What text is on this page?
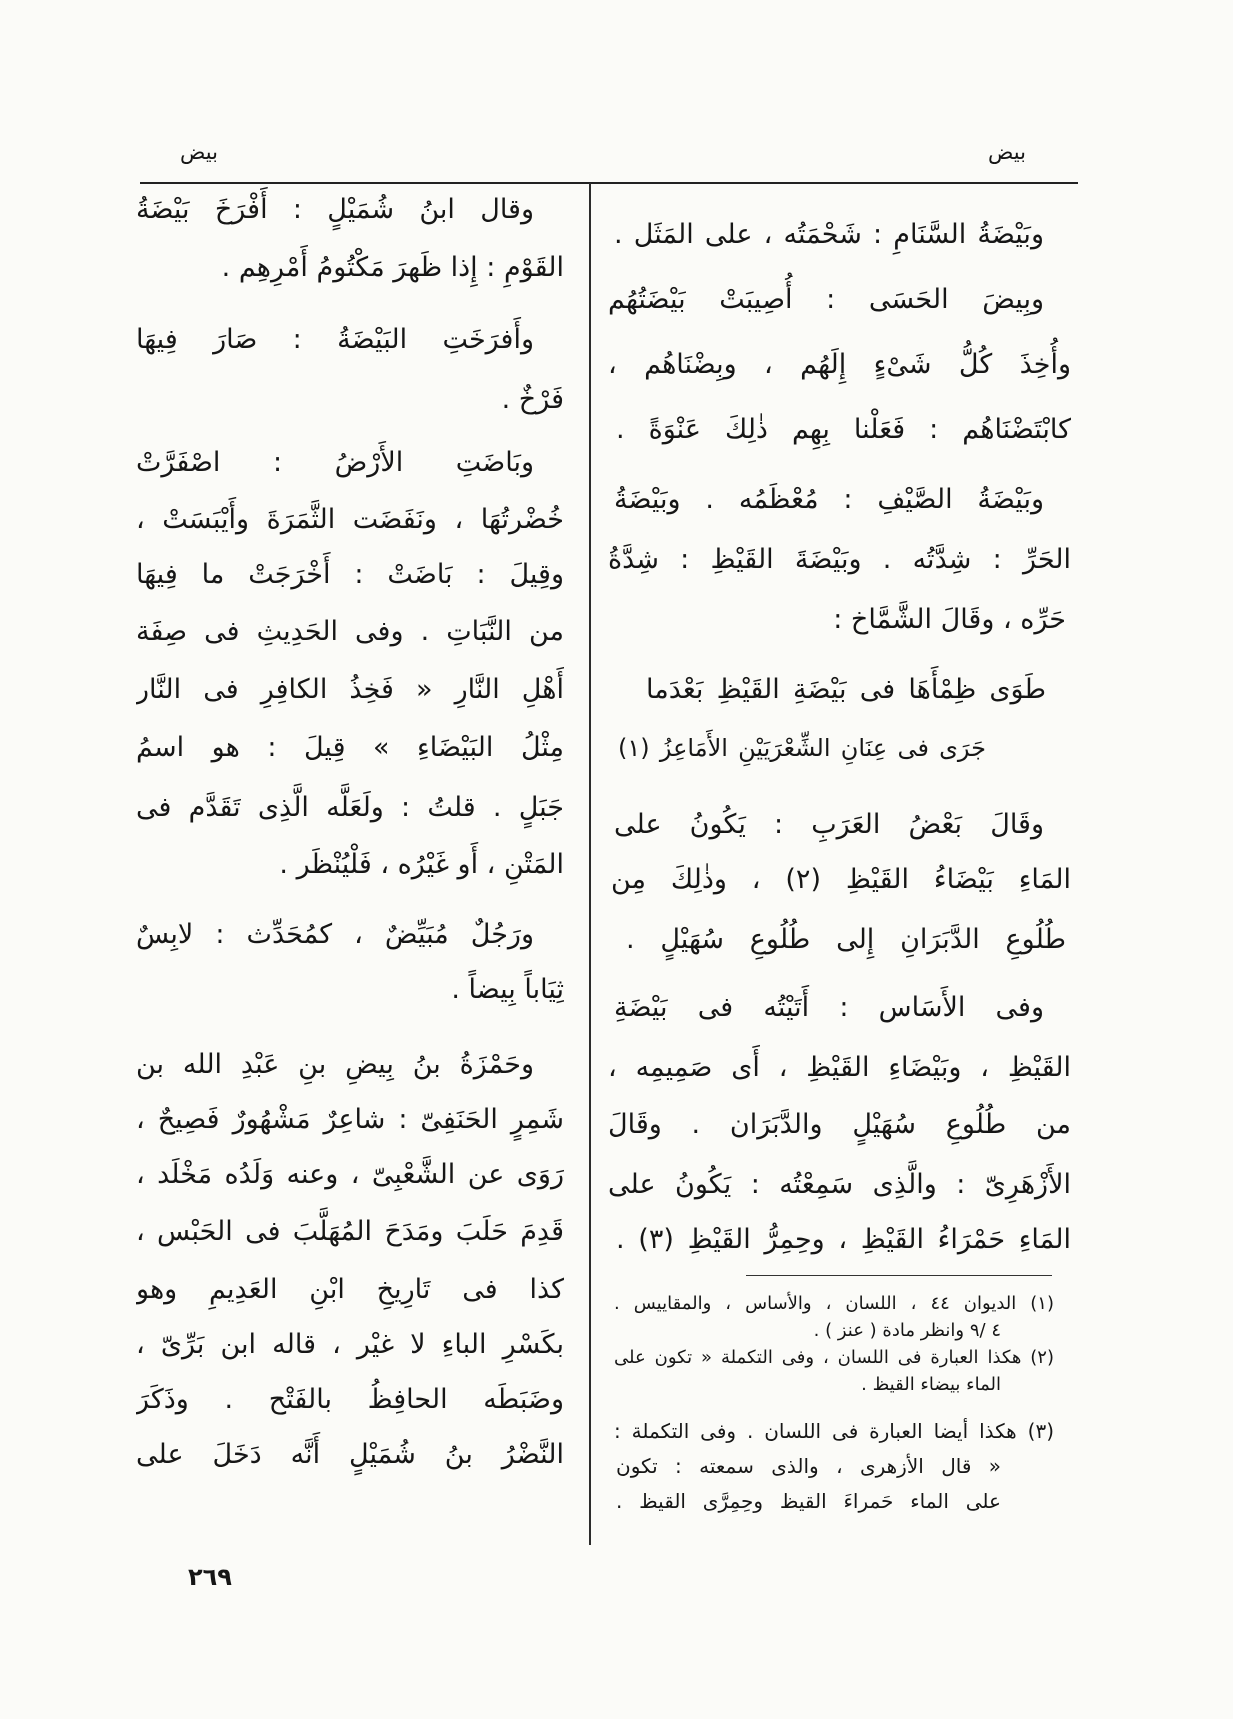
بيض	بيض
وبَيْضَةُ السَّنَامِ : شَحْمَتُه ، على المَثَل .
وبِيضَ الحَسَى : أُصِيبَتْ بَيْضَتُهُم
وأُخِذَ كُلُّ شَىْءٍ إِلَهُم ، وبِضْنَاهُم ،
كابْتَضْنَاهُم : فَعَلْنا بِهِم ذٰلِكَ عَنْوَةً .
وبَيْضَةُ الصَّيْفِ : مُعْظَمُه . وبَيْضَةُ
الحَرِّ : شِدَّتُه . وبَيْضَةَ القَيْظِ : شِدَّةُ
حَرِّه ، وقَالَ الشَّمَّاخ :
طَوَى ظِمْأَهَا فى بَيْضَةِ القَيْظِ بَعْدَما
جَرَى فى عِنَانِ الشِّعْرَيَيْنِ الأَمَاعِزُ (١)
وقَالَ بَعْضُ العَرَبِ : يَكُونُ على
المَاءِ بَيْضَاءُ القَيْظِ (٢) ، وذٰلِكَ مِن
طُلُوعِ الدَّبَرَانِ إِلى طُلُوعِ سُهَيْلٍ .
وفى الأَسَاس : أَتَيْتُه فى بَيْضَةِ
القَيْظِ ، وبَيْضَاءِ القَيْظِ ، أَى صَمِيمِه ،
من طُلُوعِ سُهَيْلٍ والدَّبَرَان . وقَالَ
الأَزْهَرِىّ : والَّذِى سَمِعْتُه : يَكُونُ على
المَاءِ حَمْرَاءُ القَيْظِ ، وحِمِرُّ القَيْظِ (٣) .
(١) الديوان ٤٤ ، اللسان ، والأساس ، والمقاييس .
٤ /٩ وانظر مادة ( عنز ) .
(٢) هكذا العبارة فى اللسان ، وفى التكملة « تكون على
الماء بيضاء القيظ .
(٣) هكذا أيضا العبارة فى اللسان . وفى التكملة :
« قال الأزهرى ، والذى سمعته : تكون
على الماء حَمراءَ القيظ وحِمِرَّى القيظ .
وقال ابنُ شُمَيْلٍ : أَفْرَخَ بَيْضَةُ
القَوْمِ : إِذا ظَهرَ مَكْتُومُ أَمْرِهِم .
وأَفرَخَتِ البَيْضَةُ : صَارَ فِيهَا
فَرْخٌ .
وبَاضَتِ الأَرْضُ : اصْفَرَّتْ
خُضْرتُهَا ، ونَفَضَت الثَّمَرَةَ وأَيْبَسَتْ ،
وقِيلَ : بَاضَتْ : أَخْرَجَتْ ما فِيهَا
من النَّبَاتِ . وفى الحَدِيثِ فى صِفَة
أَهْلِ النَّارِ « فَخِذُ الكافِرِ فى النَّار
مِثْلُ البَيْضَاءِ » قِيلَ : هو اسمُ
جَبَلٍ . قلتُ : ولَعَلَّه الَّذِى تَقَدَّم فى
المَتْنِ ، أَو غَيْرُه ، فَلْيُنْظَر .
ورَجُلٌ مُبَيِّضٌ ، كمُحَدِّث : لابِسٌ
ثِيَاباً بِيضاً .
وحَمْزَةُ بنُ بِيضِ بنِ عَبْدِ الله بن
شَمِرٍ الحَنَفِىّ : شاعِرٌ مَشْهُورٌ فَصِيحٌ ،
رَوَى عن الشَّعْبِىّ ، وعنه وَلَدُه مَخْلَد ،
قَدِمَ حَلَبَ ومَدَحَ المُهَلَّبَ فى الحَبْس ،
كذا فى تَارِيخِ ابْنِ العَدِيمِ وهو
بكَسْرِ الباءِ لا غيْر ، قاله ابن بَرِّىّ ،
وضَبَطَه الحافِظُ بالفَتْح . وذَكَرَ
النَّضْرُ بنُ شُمَيْلٍ أَنَّه دَخَلَ على
٢٦٩
